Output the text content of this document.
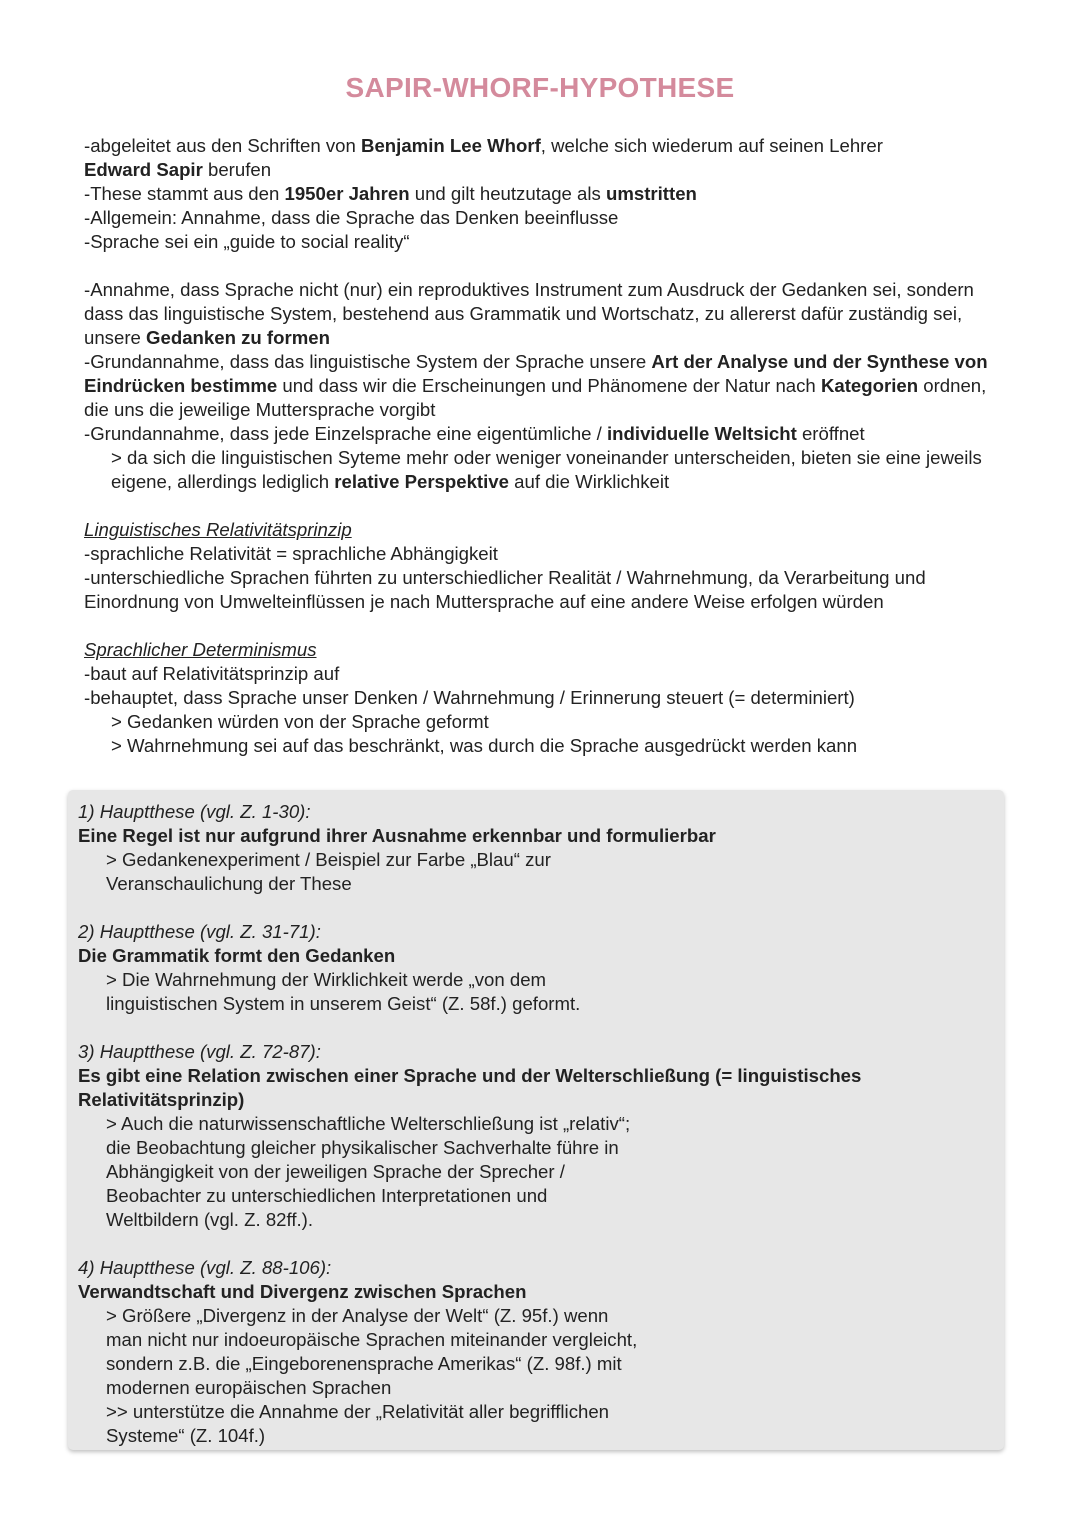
SAPIR-WHORF-HYPOTHESE

-abgeleitet aus den Schriften von Benjamin Lee Whorf, welche sich wiederum auf seinen Lehrer

Edward Sapir berufen

-These stammt aus den 1950er Jahren und gilt heutzutage als umstritten

-Allgemein: Annahme, dass die Sprache das Denken beeinflusse

-Sprache sei ein „guide to social reality“

-Annahme, dass Sprache nicht (nur) ein reproduktives Instrument zum Ausdruck der Gedanken sei, sondern dass das linguistische System, bestehend aus Grammatik und Wortschatz, zu allererst dafür zuständig sei, unsere Gedanken zu formen

-Grundannahme, dass das linguistische System der Sprache unsere Art der Analyse und der Synthese von Eindrücken bestimme und dass wir die Erscheinungen und Phänomene der Natur nach Kategorien ordnen, die uns die jeweilige Muttersprache vorgibt

-Grundannahme, dass jede Einzelsprache eine eigentümliche / individuelle Weltsicht eröffnet

> da sich die linguistischen Syteme mehr oder weniger voneinander unterscheiden, bieten sie eine jeweils eigene, allerdings lediglich relative Perspektive auf die Wirklichkeit

Linguistisches Relativitätsprinzip

-sprachliche Relativität = sprachliche Abhängigkeit

-unterschiedliche Sprachen führten zu unterschiedlicher Realität / Wahrnehmung, da Verarbeitung und Einordnung von Umwelteinflüssen je nach Muttersprache auf eine andere Weise erfolgen würden

Sprachlicher Determinismus

-baut auf Relativitätsprinzip auf

-behauptet, dass Sprache unser Denken / Wahrnehmung / Erinnerung steuert (= determiniert)

> Gedanken würden von der Sprache geformt

> Wahrnehmung sei auf das beschränkt, was durch die Sprache ausgedrückt werden kann

1) Hauptthese (vgl. Z. 1-30):

Eine Regel ist nur aufgrund ihrer Ausnahme erkennbar und formulierbar

> Gedankenexperiment / Beispiel zur Farbe „Blau“ zur
Veranschaulichung der These

2) Hauptthese (vgl. Z. 31-71):

Die Grammatik formt den Gedanken

> Die Wahrnehmung der Wirklichkeit werde „von dem
linguistischen System in unserem Geist“ (Z. 58f.) geformt.

3) Hauptthese (vgl. Z. 72-87):

Es gibt eine Relation zwischen einer Sprache und der Welterschließung (= linguistisches Relativitätsprinzip)

> Auch die naturwissenschaftliche Welterschließung ist „relativ“;
die Beobachtung gleicher physikalischer Sachverhalte führe in
Abhängigkeit von der jeweiligen Sprache der Sprecher /
Beobachter zu unterschiedlichen Interpretationen und
Weltbildern (vgl. Z. 82ff.).

4) Hauptthese (vgl. Z. 88-106):

Verwandtschaft und Divergenz zwischen Sprachen

> Größere „Divergenz in der Analyse der Welt“ (Z. 95f.) wenn
man nicht nur indoeuropäische Sprachen miteinander vergleicht,
sondern z.B. die „Eingeborenensprache Amerikas“ (Z. 98f.) mit
modernen europäischen Sprachen

>> unterstütze die Annahme der „Relativität aller begrifflichen
Systeme“ (Z. 104f.)
